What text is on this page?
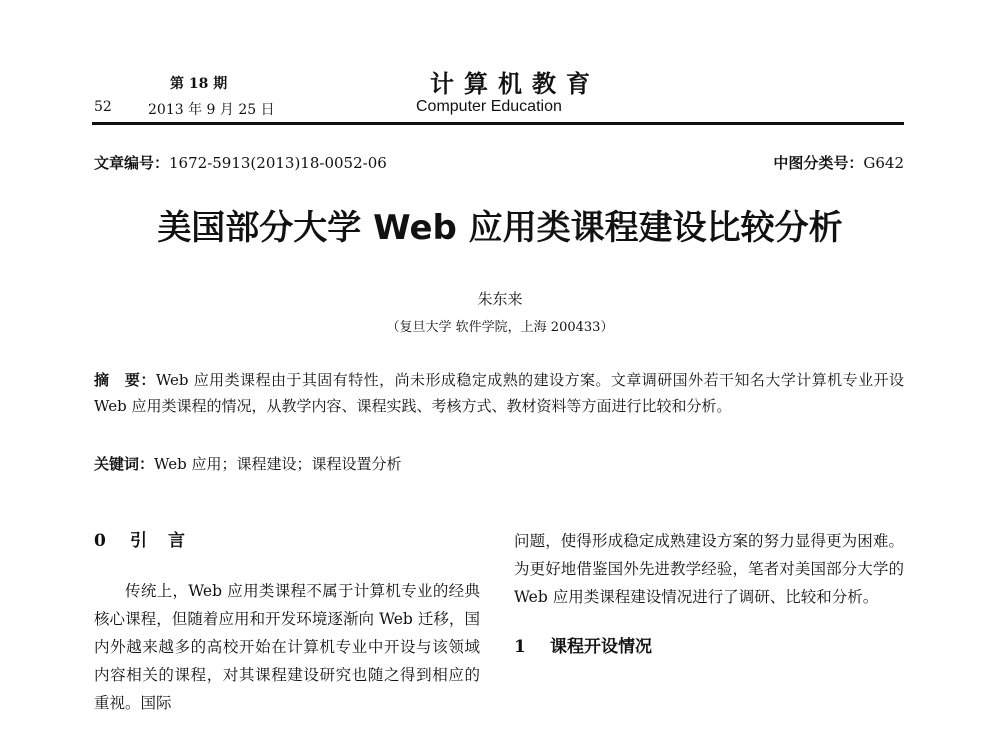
第 18 期
52	2013 年 9 月 25 日
计算机教育
Computer Education
文章编号：1672-5913(2013)18-0052-06	中图分类号：G642
美国部分大学 Web 应用类课程建设比较分析
朱东来
（复旦大学 软件学院，上海 200433）
摘　要：Web 应用类课程由于其固有特性，尚未形成稳定成熟的建设方案。文章调研国外若干知名大学计算机专业开设 Web 应用类课程的情况，从教学内容、课程实践、考核方式、教材资料等方面进行比较和分析。
关键词：Web 应用；课程建设；课程设置分析
0 引　言

传统上，Web 应用类课程不属于计算机专业的经典核心课程，但随着应用和开发环境逐渐向 Web 迁移，国内外越来越多的高校开始在计算机专业中开设与该领域内容相关的课程，对其课程建设研究也随之得到相应的重视。国际

问题，使得形成稳定成熟建设方案的努力显得更为困难。为更好地借鉴国外先进教学经验，笔者对美国部分大学的 Web 应用类课程建设情况进行了调研、比较和分析。

1 课程开设情况
